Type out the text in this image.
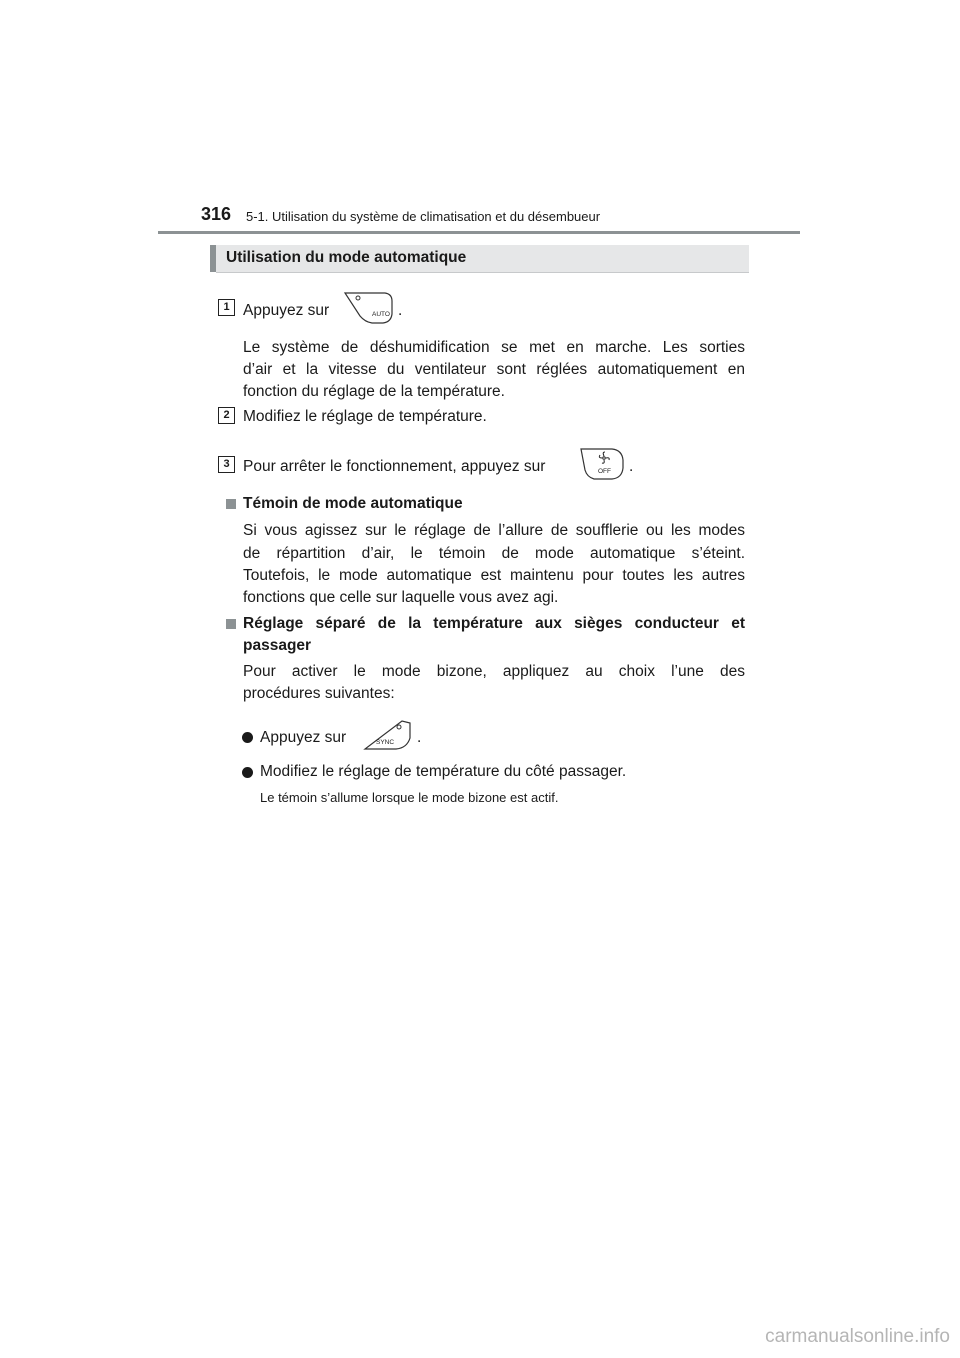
316 5-1. Utilisation du système de climatisation et du désembueur
Utilisation du mode automatique
1 Appuyez sur	AUTO .
Le système de déshumidification se met en marche. Les sorties
d’air et la vitesse du ventilateur sont réglées automatiquement en
fonction du réglage de la température.
2 Modifiez le réglage de température.
3 Pour arrêter le fonctionnement, appuyez sur	OFF .
Témoin de mode automatique
Si vous agissez sur le réglage de l’allure de soufflerie ou les modes
de répartition d’air, le témoin de mode automatique s’éteint.
Toutefois, le mode automatique est maintenu pour toutes les autres
fonctions que celle sur laquelle vous avez agi.
Réglage séparé de la température aux sièges conducteur et
passager
Pour activer le mode bizone, appliquez au choix l’une des
procédures suivantes:
Appuyez sur	SYNC .
Modifiez le réglage de température du côté passager.
Le témoin s’allume lorsque le mode bizone est actif.
carmanualsonline.info
